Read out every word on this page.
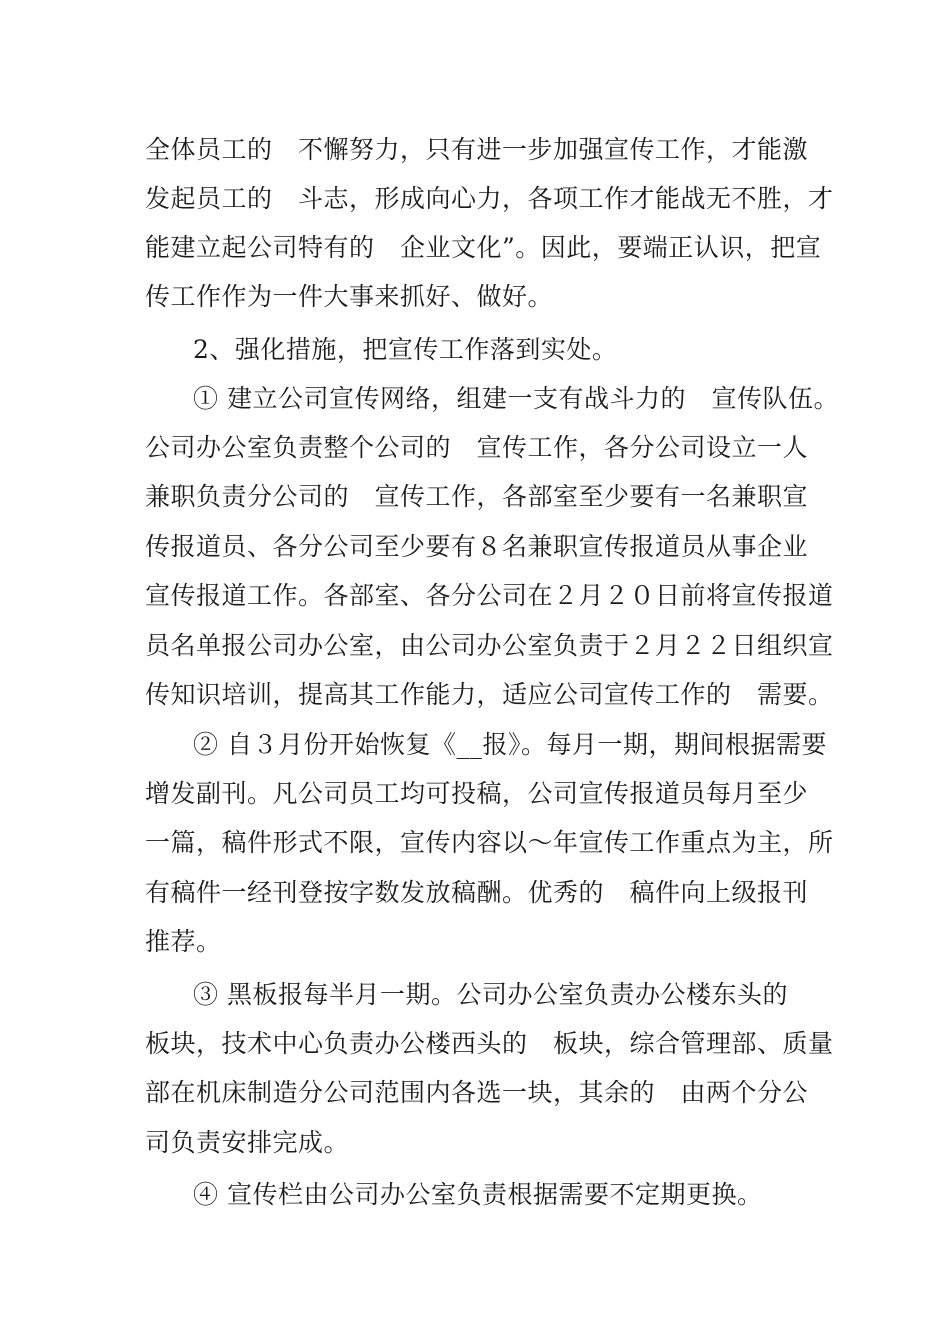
全体员工的　不懈努力，只有进一步加强宣传工作，才能激
发起员工的　斗志，形成向心力，各项工作才能战无不胜，才
能建立起公司特有的　企业文化”。因此，要端正认识，把宣
传工作作为一件大事来抓好、做好。
2、强化措施，把宣传工作落到实处。
① 建立公司宣传网络，组建一支有战斗力的　宣传队伍。
公司办公室负责整个公司的　宣传工作，各分公司设立一人
兼职负责分公司的　宣传工作，各部室至少要有一名兼职宣
传报道员、各分公司至少要有８名兼职宣传报道员从事企业
宣传报道工作。各部室、各分公司在２月２０日前将宣传报道
员名单报公司办公室，由公司办公室负责于２月２２日组织宣
传知识培训，提高其工作能力，适应公司宣传工作的　需要。
② 自３月份开始恢复《__报》。每月一期，期间根据需要
增发副刊。凡公司员工均可投稿，公司宣传报道员每月至少
一篇，稿件形式不限，宣传内容以～年宣传工作重点为主，所
有稿件一经刊登按字数发放稿酬。优秀的　稿件向上级报刊
推荐。
③ 黑板报每半月一期。公司办公室负责办公楼东头的
板块，技术中心负责办公楼西头的　板块，综合管理部、质量
部在机床制造分公司范围内各选一块，其余的　由两个分公
司负责安排完成。
④ 宣传栏由公司办公室负责根据需要不定期更换。
